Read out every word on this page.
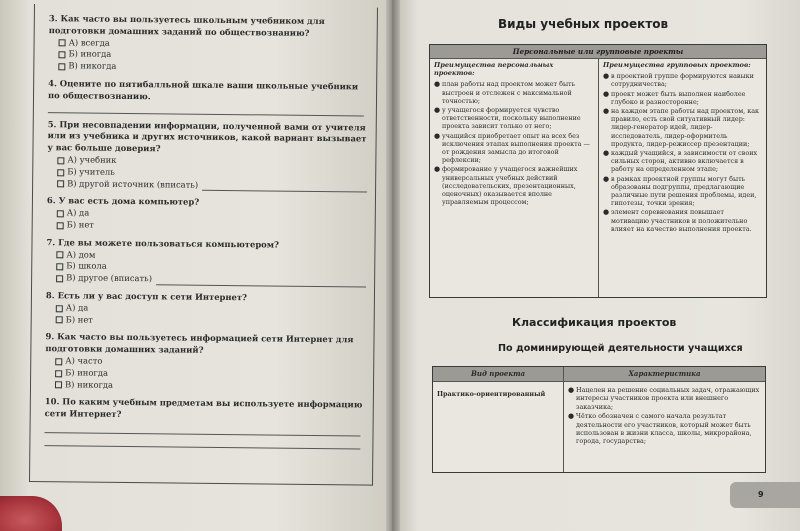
3. Как часто вы пользуетесь школьным учебником для подготовки домашних заданий по обществознанию?
А) всегда
Б) иногда
В) никогда
4. Оцените по пятибалльной шкале ваши школьные учебники по обществознанию.
5. При несовпадении информации, полученной вами от учителя или из учебника и других источников, какой вариант вызывает у вас больше доверия?
А) учебник
Б) учитель
В) другой источник (вписать)
6. У вас есть дома компьютер?
А) да
Б) нет
7. Где вы можете пользоваться компьютером?
А) дом
Б) школа
В) другое (вписать)
8. Есть ли у вас доступ к сети Интернет?
А) да
Б) нет
9. Как часто вы пользуетесь информацией сети Интернет для подготовки домашних заданий?
А) часто
Б) иногда
В) никогда
10. По каким учебным предметам вы используете информацию сети Интернет?
Виды учебных проектов
Персональные или групповые проекты
Преимущества персональных проектов:
● план работы над проектом может быть выстроен и отслежен с максимальной точностью;
● у учащегося формируется чувство ответственности, поскольку выполнение проекта зависит только от него;
● учащийся приобретает опыт на всех без исключения этапах выполнения проекта — от рождения замысла до итоговой рефлексии;
● формирование у учащегося важнейших универсальных учебных действий (исследовательских, презентационных, оценочных) оказывается вполне управляемым процессом;
Преимущества групповых проектов:
● в проектной группе формируются навыки сотрудничества;
● проект может быть выполнен наиболее глубоко и разносторонне;
● на каждом этапе работы над проектом, как правило, есть свой ситуативный лидер: лидер-генератор идей, лидер-исследователь, лидер-оформитель продукта, лидер-режиссер презентации;
● каждый учащийся, в зависимости от своих сильных сторон, активно включается в работу на определенном этапе;
● в рамках проектной группы могут быть образованы подгруппы, предлагающие различные пути решения проблемы, идеи, гипотезы, точки зрения;
● элемент соревнования повышает мотивацию участников и положительно влияет на качество выполнения проекта.
Классификация проектов
По доминирующей деятельности учащихся
Вид проекта	Характеристика
Практико-ориентированный	● Нацелен на решение социальных задач, отражающих интересы участников проекта или внешнего заказчика;
● Чётко обозначен с самого начала результат деятельности его участников, который может быть использован в жизни класса, школы, микрорайона, города, государства;
9
